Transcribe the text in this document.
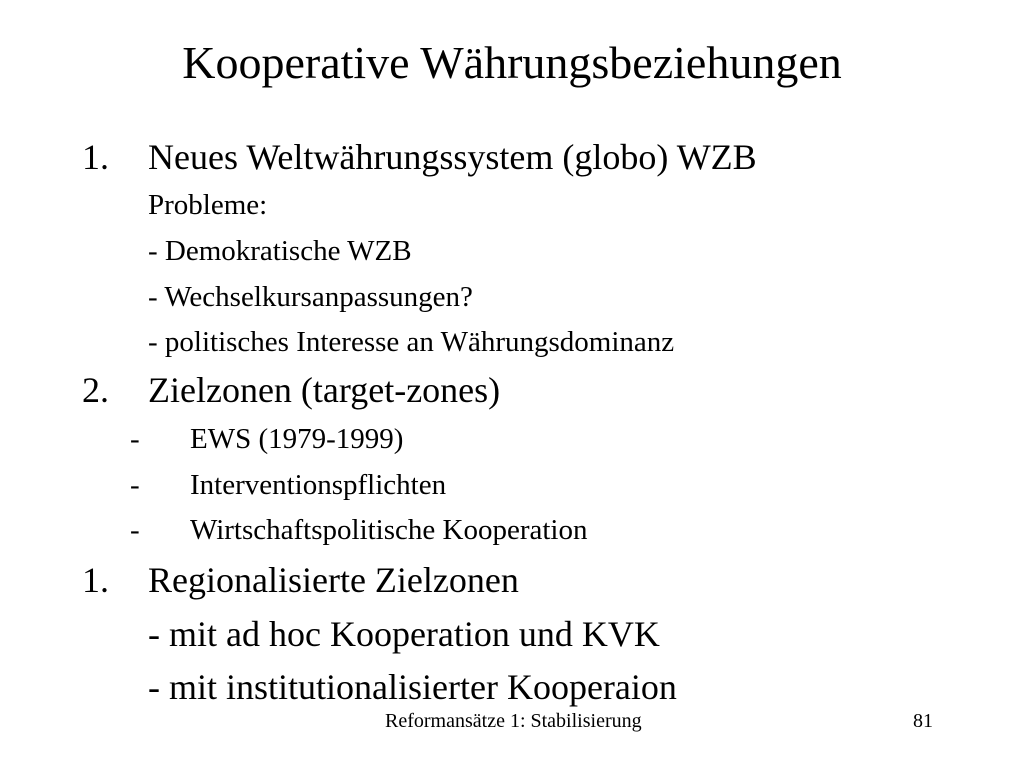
Kooperative Währungsbeziehungen
1. Neues Weltwährungssystem (globo) WZB
Probleme:
- Demokratische WZB
- Wechselkursanpassungen?
- politisches Interesse an Währungsdominanz
2. Zielzonen (target-zones)
- EWS (1979-1999)
- Interventionspflichten
- Wirtschaftspolitische Kooperation
1. Regionalisierte Zielzonen
- mit ad hoc Kooperation und KVK
- mit institutionalisierter Kooperaion
Reformansätze 1: Stabilisierung	81
